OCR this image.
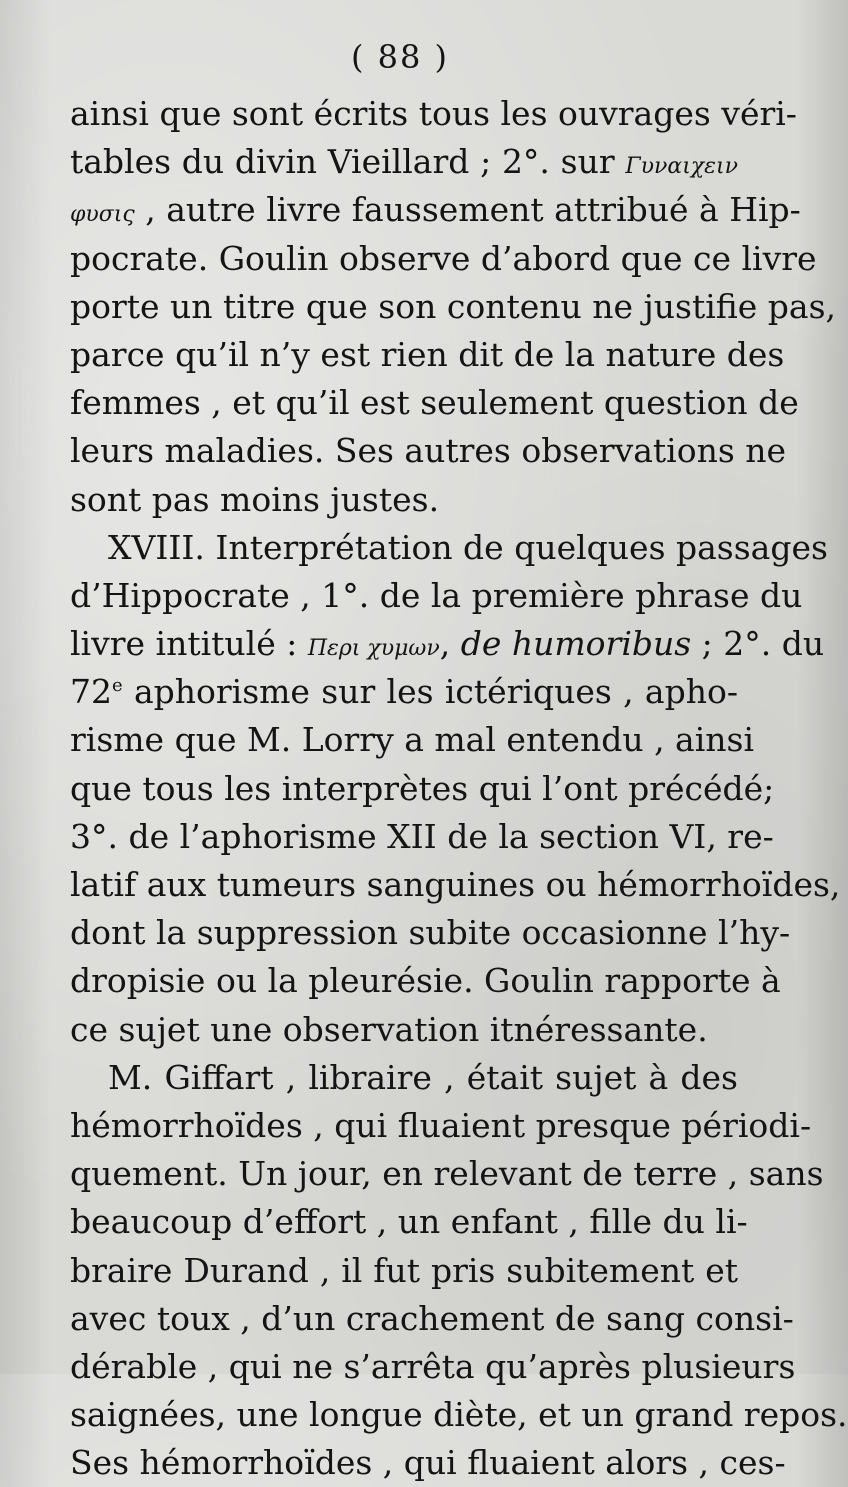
( 88 )
ainsi que sont écrits tous les ouvrages véri-
tables du divin Vieillard ; 2°. sur Γυναιχειν
φυσις , autre livre faussement attribué à Hip-
pocrate. Goulin observe d’abord que ce livre
porte un titre que son contenu ne justifie pas,
parce qu’il n’y est rien dit de la nature des
femmes , et qu’il est seulement question de
leurs maladies. Ses autres observations ne
sont pas moins justes.
XVIII. Interprétation de quelques passages
d’Hippocrate , 1°. de la première phrase du
livre intitulé : Περι χυμων, de humoribus ; 2°. du
72e aphorisme sur les ictériques , apho-
risme que M. Lorry a mal entendu , ainsi
que tous les interprètes qui l’ont précédé;
3°. de l’aphorisme XII de la section VI, re-
latif aux tumeurs sanguines ou hémorrhoïdes,
dont la suppression subite occasionne l’hy-
dropisie ou la pleurésie. Goulin rapporte à
ce sujet une observation itnéressante.
M. Giffart , libraire , était sujet à des
hémorrhoïdes , qui fluaient presque périodi-
quement. Un jour, en relevant de terre , sans
beaucoup d’effort , un enfant , fille du li-
braire Durand , il fut pris subitement et
avec toux , d’un crachement de sang consi-
dérable , qui ne s’arrêta qu’après plusieurs
saignées, une longue diète, et un grand repos.
Ses hémorrhoïdes , qui fluaient alors , ces-
